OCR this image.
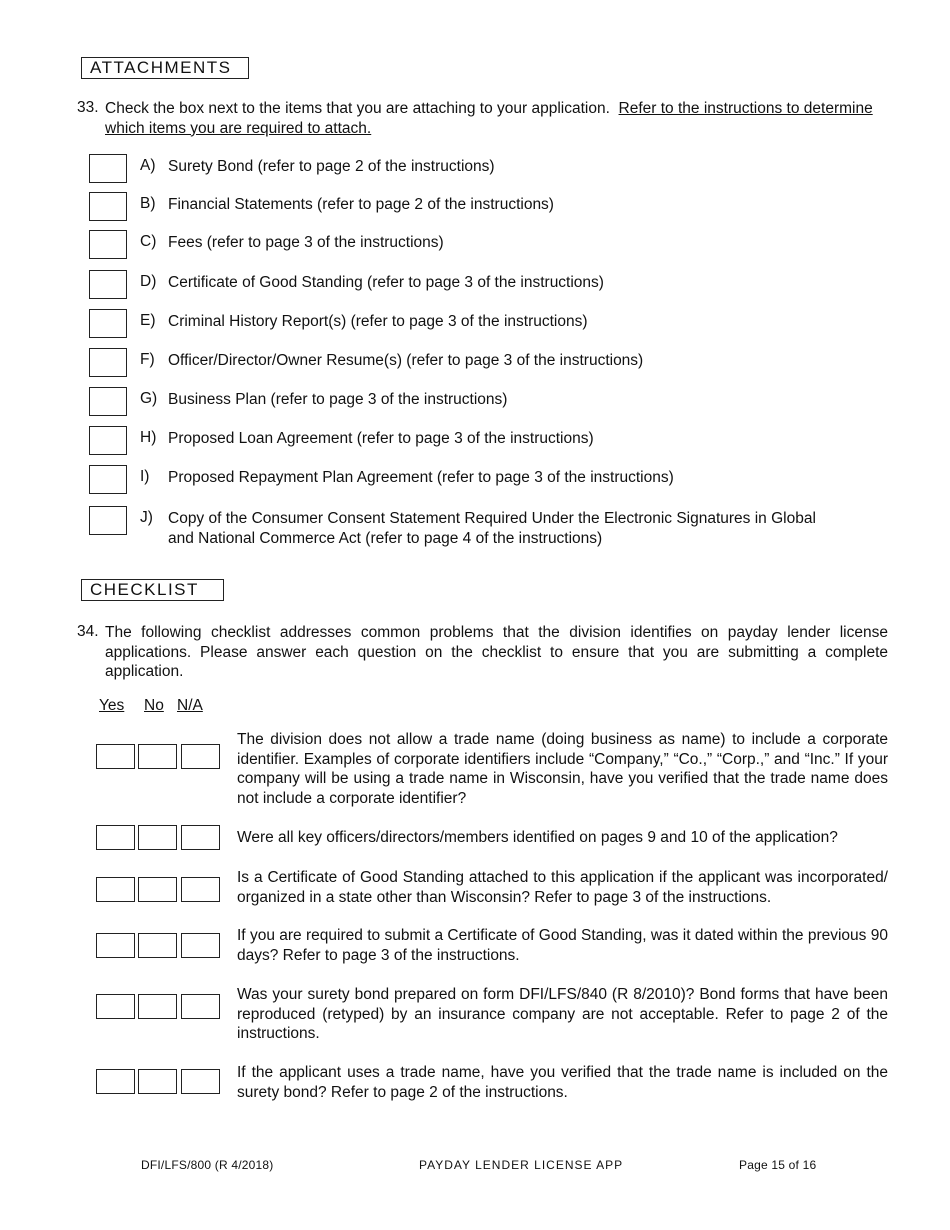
ATTACHMENTS
33. Check the box next to the items that you are attaching to your application. Refer to the instructions to determine which items you are required to attach.
A) Surety Bond (refer to page 2 of the instructions)
B) Financial Statements (refer to page 2 of the instructions)
C) Fees (refer to page 3 of the instructions)
D) Certificate of Good Standing (refer to page 3 of the instructions)
E) Criminal History Report(s) (refer to page 3 of the instructions)
F) Officer/Director/Owner Resume(s) (refer to page 3 of the instructions)
G) Business Plan (refer to page 3 of the instructions)
H) Proposed Loan Agreement (refer to page 3 of the instructions)
I) Proposed Repayment Plan Agreement (refer to page 3 of the instructions)
J) Copy of the Consumer Consent Statement Required Under the Electronic Signatures in Global and National Commerce Act (refer to page 4 of the instructions)
CHECKLIST
34. The following checklist addresses common problems that the division identifies on payday lender license applications. Please answer each question on the checklist to ensure that you are submitting a complete application.
Yes No N/A
The division does not allow a trade name (doing business as name) to include a corporate identifier. Examples of corporate identifiers include “Company,” “Co.,” “Corp.,” and “Inc.” If your company will be using a trade name in Wisconsin, have you verified that the trade name does not include a corporate identifier?
Were all key officers/directors/members identified on pages 9 and 10 of the application?
Is a Certificate of Good Standing attached to this application if the applicant was incorporated/ organized in a state other than Wisconsin? Refer to page 3 of the instructions.
If you are required to submit a Certificate of Good Standing, was it dated within the previous 90 days? Refer to page 3 of the instructions.
Was your surety bond prepared on form DFI/LFS/840 (R 8/2010)? Bond forms that have been reproduced (retyped) by an insurance company are not acceptable. Refer to page 2 of the instructions.
If the applicant uses a trade name, have you verified that the trade name is included on the surety bond? Refer to page 2 of the instructions.
DFI/LFS/800 (R 4/2018)	PAYDAY LENDER LICENSE APP	Page 15 of 16
